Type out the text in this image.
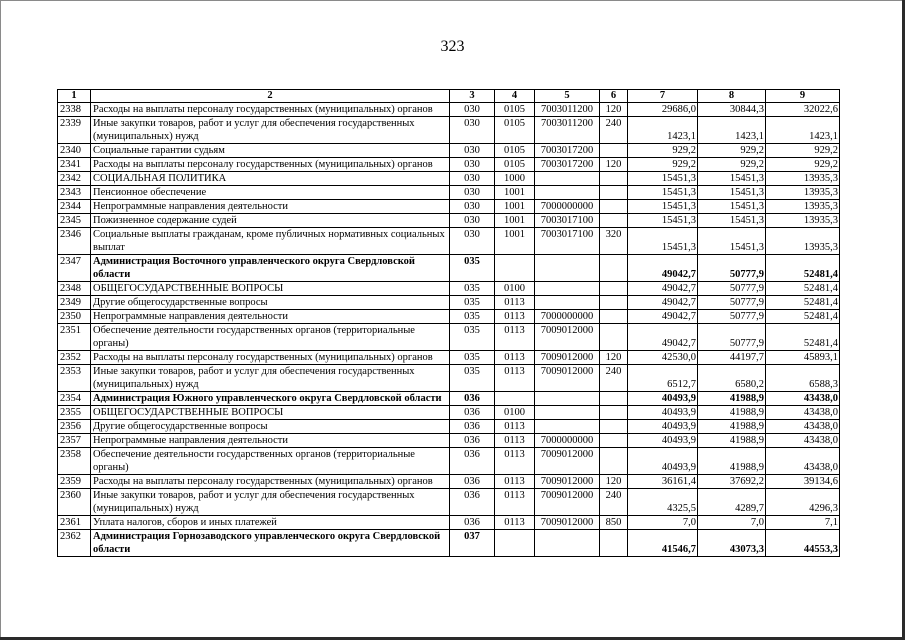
323
1	2	3	4	5	6	7	8	9
2338	Расходы на выплаты персоналу государственных (муниципальных) органов	030	0105	7003011200	120	29686,0	30844,3	32022,6
2339	Иные закупки товаров, работ и услуг для обеспечения государственных (муниципальных) нужд	030	0105	7003011200	240	1423,1	1423,1	1423,1
2340	Социальные гарантии судьям	030	0105	7003017200		929,2	929,2	929,2
2341	Расходы на выплаты персоналу государственных (муниципальных) органов	030	0105	7003017200	120	929,2	929,2	929,2
2342	СОЦИАЛЬНАЯ ПОЛИТИКА	030	1000			15451,3	15451,3	13935,3
2343	Пенсионное обеспечение	030	1001			15451,3	15451,3	13935,3
2344	Непрограммные направления деятельности	030	1001	7000000000		15451,3	15451,3	13935,3
2345	Пожизненное содержание судей	030	1001	7003017100		15451,3	15451,3	13935,3
2346	Социальные выплаты гражданам, кроме публичных нормативных социальных выплат	030	1001	7003017100	320	15451,3	15451,3	13935,3
2347	Администрация Восточного управленческого округа Свердловской области	035				49042,7	50777,9	52481,4
2348	ОБЩЕГОСУДАРСТВЕННЫЕ ВОПРОСЫ	035	0100			49042,7	50777,9	52481,4
2349	Другие общегосударственные вопросы	035	0113			49042,7	50777,9	52481,4
2350	Непрограммные направления деятельности	035	0113	7000000000		49042,7	50777,9	52481,4
2351	Обеспечение деятельности государственных органов (территориальные органы)	035	0113	7009012000		49042,7	50777,9	52481,4
2352	Расходы на выплаты персоналу государственных (муниципальных) органов	035	0113	7009012000	120	42530,0	44197,7	45893,1
2353	Иные закупки товаров, работ и услуг для обеспечения государственных (муниципальных) нужд	035	0113	7009012000	240	6512,7	6580,2	6588,3
2354	Администрация Южного управленческого округа Свердловской области	036				40493,9	41988,9	43438,0
2355	ОБЩЕГОСУДАРСТВЕННЫЕ ВОПРОСЫ	036	0100			40493,9	41988,9	43438,0
2356	Другие общегосударственные вопросы	036	0113			40493,9	41988,9	43438,0
2357	Непрограммные направления деятельности	036	0113	7000000000		40493,9	41988,9	43438,0
2358	Обеспечение деятельности государственных органов (территориальные органы)	036	0113	7009012000		40493,9	41988,9	43438,0
2359	Расходы на выплаты персоналу государственных (муниципальных) органов	036	0113	7009012000	120	36161,4	37692,2	39134,6
2360	Иные закупки товаров, работ и услуг для обеспечения государственных (муниципальных) нужд	036	0113	7009012000	240	4325,5	4289,7	4296,3
2361	Уплата налогов, сборов и иных платежей	036	0113	7009012000	850	7,0	7,0	7,1
2362	Администрация Горнозаводского управленческого округа Свердловской области	037				41546,7	43073,3	44553,3
